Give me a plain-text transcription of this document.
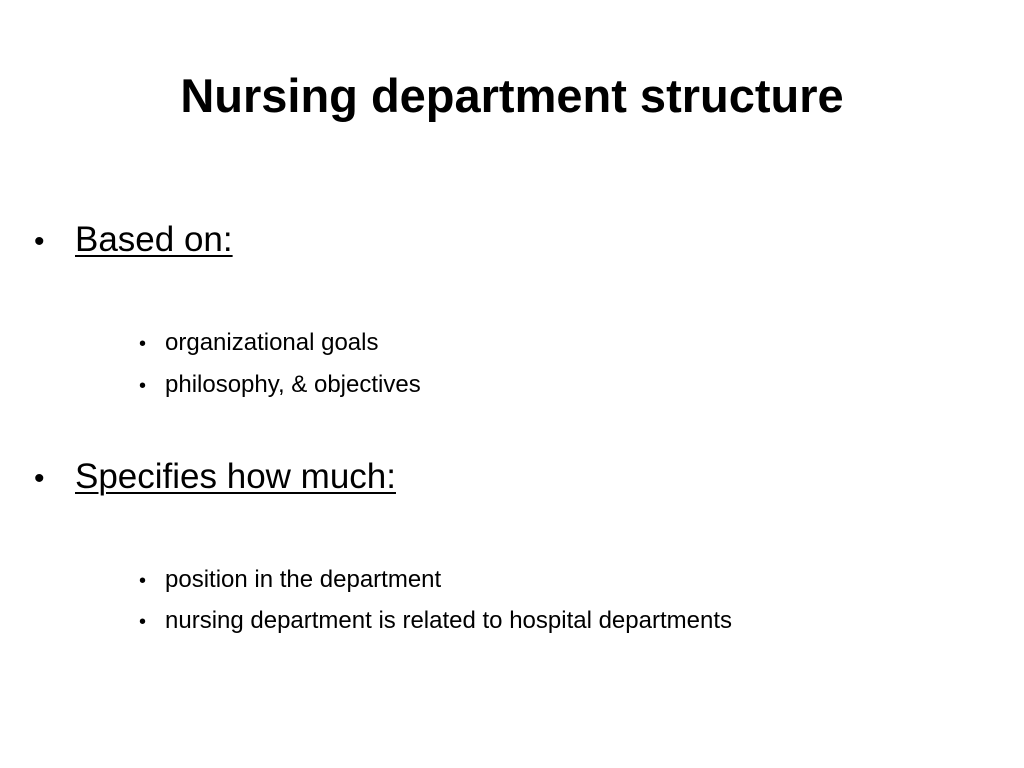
Nursing department structure
• Based on:
• organizational goals
• philosophy, & objectives
• Specifies how much:
• position in the department
• nursing department is related to hospital departments
